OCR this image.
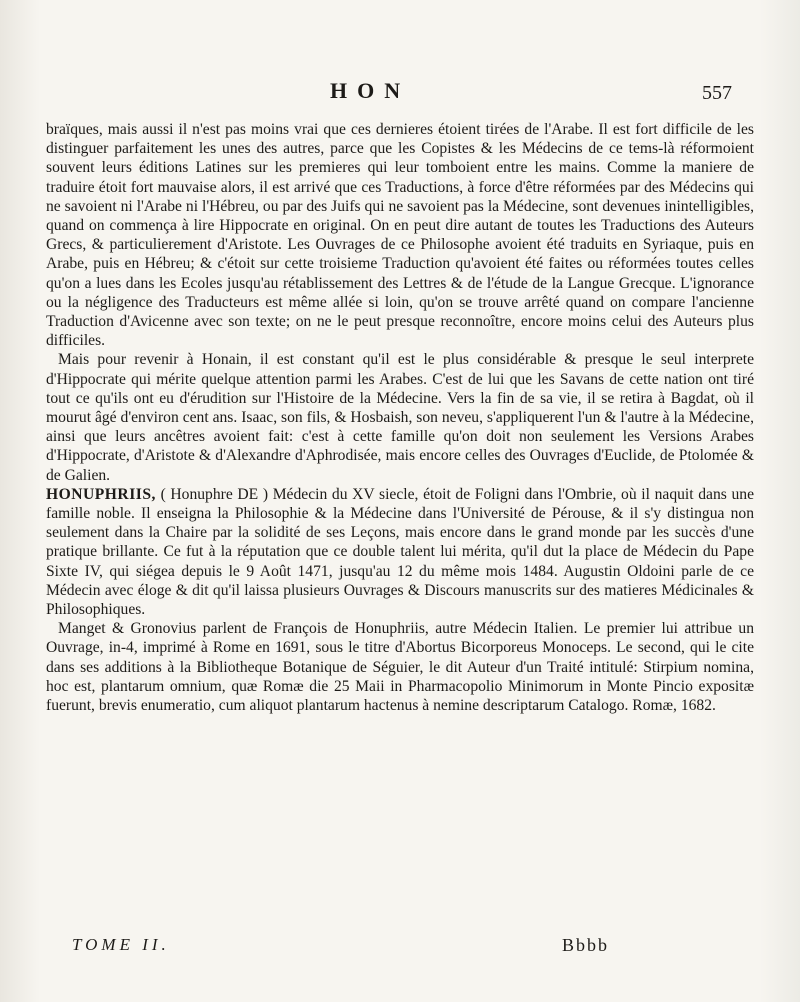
HON	557

braïques, mais aussi il n'est pas moins vrai que ces dernieres étoient tirées de l'Arabe. Il est fort difficile de les distinguer parfaitement les unes des autres, parce que les Copistes & les Médecins de ce tems-là réformoient souvent leurs éditions Latines sur les premieres qui leur tomboient entre les mains. Comme la maniere de traduire étoit fort mauvaise alors, il est arrivé que ces Traductions, à force d'être réformées par des Médecins qui ne savoient ni l'Arabe ni l'Hébreu, ou par des Juifs qui ne savoient pas la Médecine, sont devenues inintelligibles, quand on commença à lire Hippocrate en original. On en peut dire autant de toutes les Traductions des Auteurs Grecs, & particulierement d'Aristote. Les Ouvrages de ce Philosophe avoient été traduits en Syriaque, puis en Arabe, puis en Hébreu; & c'étoit sur cette troisieme Traduction qu'avoient été faites ou réformées toutes celles qu'on a lues dans les Ecoles jusqu'au rétablissement des Lettres & de l'étude de la Langue Grecque. L'ignorance ou la négligence des Traducteurs est même allée si loin, qu'on se trouve arrêté quand on compare l'ancienne Traduction d'Avicenne avec son texte; on ne le peut presque reconnoître, encore moins celui des Auteurs plus difficiles.

Mais pour revenir à Honain, il est constant qu'il est le plus considérable & presque le seul interprete d'Hippocrate qui mérite quelque attention parmi les Arabes. C'est de lui que les Savans de cette nation ont tiré tout ce qu'ils ont eu d'érudition sur l'Histoire de la Médecine. Vers la fin de sa vie, il se retira à Bagdat, où il mourut âgé d'environ cent ans. Isaac, son fils, & Hosbaish, son neveu, s'appliquerent l'un & l'autre à la Médecine, ainsi que leurs ancêtres avoient fait: c'est à cette famille qu'on doit non seulement les Versions Arabes d'Hippocrate, d'Aristote & d'Alexandre d'Aphrodisée, mais encore celles des Ouvrages d'Euclide, de Ptolomée & de Galien.

HONUPHRIIS, ( Honuphre DE ) Médecin du XV siecle, étoit de Foligni dans l'Ombrie, où il naquit dans une famille noble. Il enseigna la Philosophie & la Médecine dans l'Université de Pérouse, & il s'y distingua non seulement dans la Chaire par la solidité de ses Leçons, mais encore dans le grand monde par les succès d'une pratique brillante. Ce fut à la réputation que ce double talent lui mérita, qu'il dut la place de Médecin du Pape Sixte IV, qui siégea depuis le 9 Août 1471, jusqu'au 12 du même mois 1484. Augustin Oldoini parle de ce Médecin avec éloge & dit qu'il laissa plusieurs Ouvrages & Discours manuscrits sur des matieres Médicinales & Philosophiques.

Manget & Gronovius parlent de François de Honuphriis, autre Médecin Italien. Le premier lui attribue un Ouvrage, in-4, imprimé à Rome en 1691, sous le titre d'Abortus Bicorporeus Monoceps. Le second, qui le cite dans ses additions à la Bibliotheque Botanique de Séguier, le dit Auteur d'un Traité intitulé: Stirpium nomina, hoc est, plantarum omnium, quæ Romæ die 25 Maii in Pharmacopolio Minimorum in Monte Pincio expositæ fuerunt, brevis enumeratio, cum aliquot plantarum hactenus à nemine descriptarum Catalogo. Romæ, 1682.

TOME II.	Bbbb
